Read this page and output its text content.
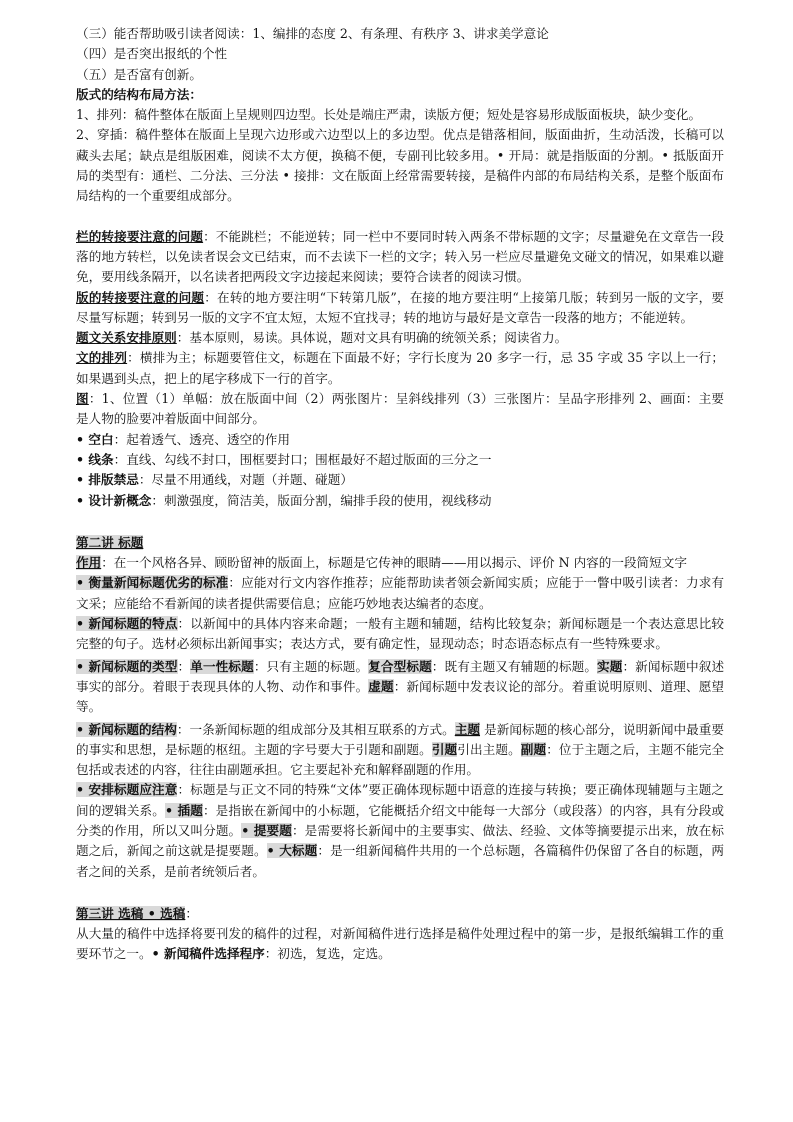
（三）能否帮助吸引读者阅读：1、编排的态度 2、有条理、有秩序 3、讲求美学意论

（四）是否突出报纸的个性

（五）是否富有创新。

版式的结构布局方法：

1、排列：稿件整体在版面上呈规则四边型。长处是端庄严肃，读版方便；短处是容易形成版面板块，缺少变化。

2、穿插：稿件整体在版面上呈现六边形或六边型以上的多边型。优点是错落相间，版面曲折，生动活泼，长稿可以藏头去尾；缺点是组版困难，阅读不太方便，换稿不便，专副刊比较多用。• 开局：就是指版面的分割。• 抵版面开局的类型有：通栏、二分法、三分法 • 接排：文在版面上经常需要转接，是稿件内部的布局结构关系，是整个版面布局结构的一个重要组成部分。

栏的转接要注意的问题：不能跳栏；不能逆转；同一栏中不要同时转入两条不带标题的文字；尽量避免在文章告一段落的地方转栏，以免读者误会文已结束，而不去读下一栏的文字；转入另一栏应尽量避免文碰文的情况，如果难以避免，要用线条隔开，以名读者把两段文字边接起来阅读；要符合读者的阅读习惯。

版的转接要注意的问题：在转的地方要注明“下转第几版”，在接的地方要注明“上接第几版；转到另一版的文字，要尽量写标题；转到另一版的文字不宜太短，太短不宜找寻；转的地访与最好是文章告一段落的地方；不能逆转。

题文关系安排原则：基本原则，易读。具体说，题对文具有明确的统领关系；阅读省力。

文的排列：横排为主；标题要管住文，标题在下面最不好；字行长度为 20 多字一行，忌 35 字或 35 字以上一行；如果遇到头点，把上的尾字移成下一行的首字。

图：1、位置（1）单幅：放在版面中间（2）两张图片：呈斜线排列（3）三张图片：呈品字形排列 2、画面：主要是人物的脸要冲着版面中间部分。

• 空白：起着透气、透亮、透空的作用

• 线条：直线、勾线不封口，围框要封口；围框最好不超过版面的三分之一

• 排版禁忌：尽量不用通线，对题（并题、碰题）

• 设计新概念：刺激强度，简洁美，版面分割，编排手段的使用，视线移动

第二讲 标题

作用：在一个风格各异、顾盼留神的版面上，标题是它传神的眼睛——用以揭示、评价 N 内容的一段简短文字

• 衡量新闻标题优劣的标准：应能对行文内容作推荐；应能帮助读者领会新闻实质；应能于一瞥中吸引读者：力求有文采；应能给不看新闻的读者提供需要信息；应能巧妙地表达编者的态度。

• 新闻标题的特点：以新闻中的具体内容来命题；一般有主题和辅题，结构比较复杂；新闻标题是一个表达意思比较完整的句子。选材必须标出新闻事实；表达方式，要有确定性，显现动态；时态语态标点有一些特殊要求。

• 新闻标题的类型：单一性标题：只有主题的标题。复合型标题：既有主题又有辅题的标题。实题：新闻标题中叙述事实的部分。着眼于表现具体的人物、动作和事件。虚题：新闻标题中发表议论的部分。着重说明原则、道理、愿望等。

• 新闻标题的结构：一条新闻标题的组成部分及其相互联系的方式。主题 是新闻标题的核心部分，说明新闻中最重要的事实和思想，是标题的枢纽。主题的字号要大于引题和副题。引题引出主题。副题：位于主题之后，主题不能完全包括或表述的内容，往往由副题承担。它主要起补充和解释副题的作用。

• 安排标题应注意：标题是与正文不同的特殊“文体”要正确体现标题中语意的连接与转换；要正确体现辅题与主题之间的逻辑关系。• 插题：是指嵌在新闻中的小标题，它能概括介绍文中能每一大部分（或段落）的内容，具有分段或分类的作用，所以又叫分题。• 提要题：是需要将长新闻中的主要事实、做法、经验、文体等摘要提示出来，放在标题之后，新闻之前这就是提要题。• 大标题：是一组新闻稿件共用的一个总标题，各篇稿件仍保留了各自的标题，两者之间的关系，是前者统领后者。

第三讲 选稿 • 选稿：

从大量的稿件中选择将要刊发的稿件的过程，对新闻稿件进行选择是稿件处理过程中的第一步，是报纸编辑工作的重要环节之一。• 新闻稿件选择程序：初选，复选，定选。
